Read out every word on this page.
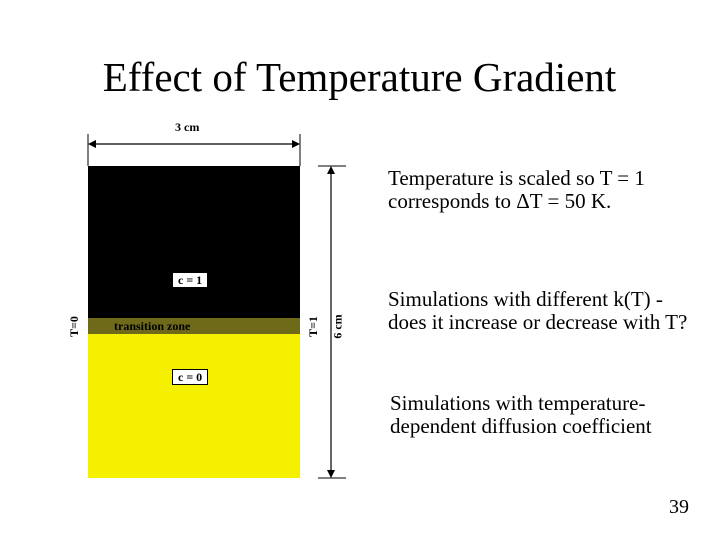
Effect of Temperature Gradient
c = 1
transition zone
c = 0
3 cm
6 cm
T=0	T=1
Temperature is scaled so T = 1 corresponds to ΔT = 50 K.
Simulations with different k(T) -does it increase or decrease with T?
Simulations with temperature-dependent diffusion coefficient
39
